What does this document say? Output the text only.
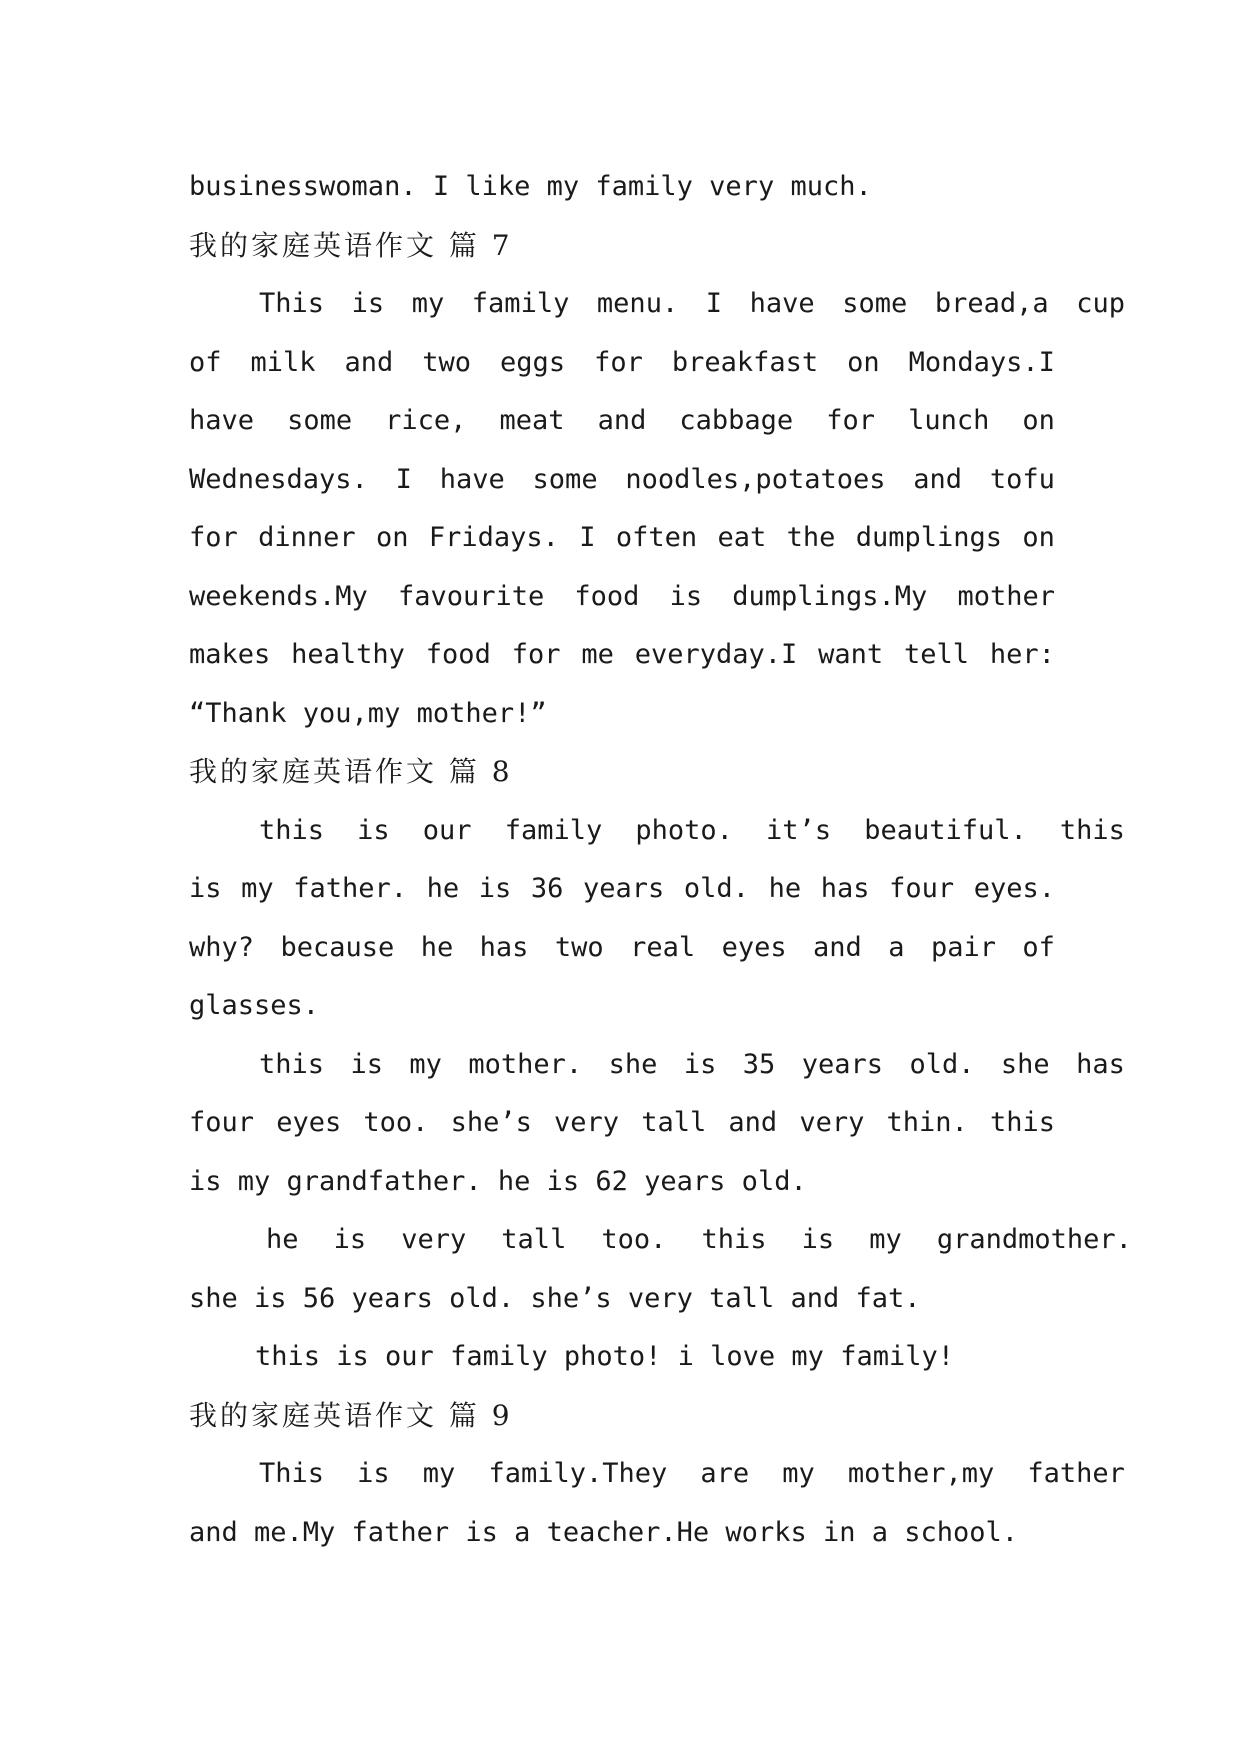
businesswoman. I like my family very much.
我的家庭英语作文 篇 7
This is my family menu. I have some bread,a cup
of milk and two eggs for breakfast on Mondays.I
have some rice, meat and cabbage for lunch on
Wednesdays. I have some noodles,potatoes and tofu
for dinner on Fridays. I often eat the dumplings on
weekends.My favourite food is dumplings.My mother
makes healthy food for me everyday.I want tell her:
“Thank you,my mother!”
我的家庭英语作文 篇 8
this is our family photo. it’s beautiful. this
is my father. he is 36 years old. he has four eyes.
why? because he has two real eyes and a pair of
glasses.
this is my mother. she is 35 years old. she has
four eyes too. she’s very tall and very thin. this
is my grandfather. he is 62 years old.
he is very tall too. this is my grandmother.
she is 56 years old. she’s very tall and fat.
this is our family photo! i love my family!
我的家庭英语作文 篇 9
This is my family.They are my mother,my father
and me.My father is a teacher.He works in a school.
